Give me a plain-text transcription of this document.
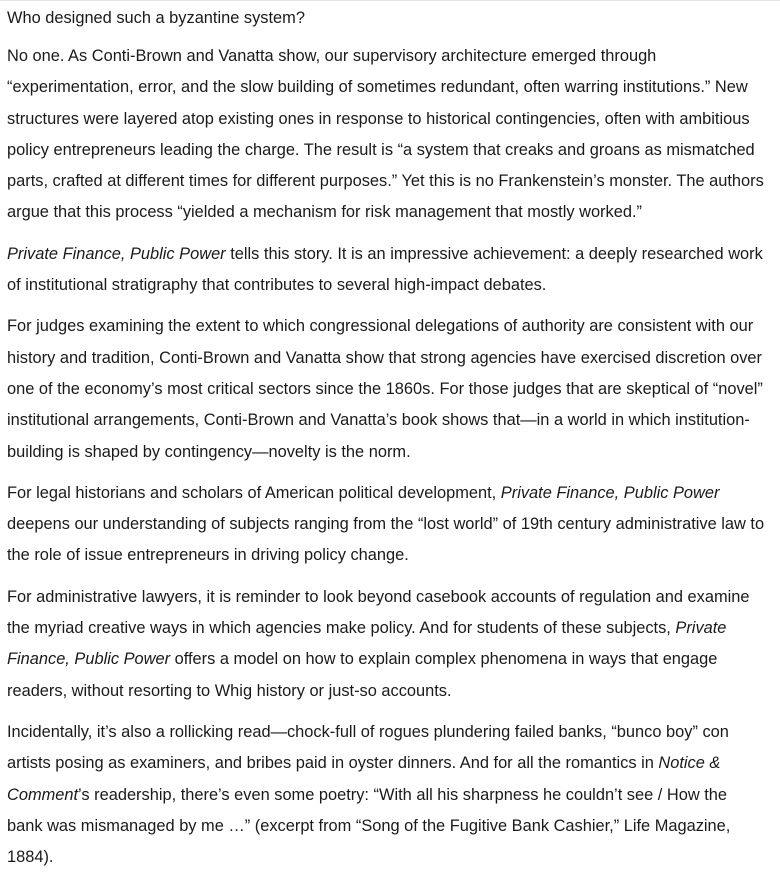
Who designed such a byzantine system?

No one. As Conti-Brown and Vanatta show, our supervisory architecture emerged through
“experimentation, error, and the slow building of sometimes redundant, often warring institutions.” New
structures were layered atop existing ones in response to historical contingencies, often with ambitious
policy entrepreneurs leading the charge. The result is “a system that creaks and groans as mismatched
parts, crafted at different times for different purposes.” Yet this is no Frankenstein’s monster. The authors
argue that this process “yielded a mechanism for risk management that mostly worked.”

Private Finance, Public Power tells this story. It is an impressive achievement: a deeply researched work
of institutional stratigraphy that contributes to several high-impact debates.

For judges examining the extent to which congressional delegations of authority are consistent with our
history and tradition, Conti-Brown and Vanatta show that strong agencies have exercised discretion over
one of the economy’s most critical sectors since the 1860s. For those judges that are skeptical of “novel”
institutional arrangements, Conti-Brown and Vanatta’s book shows that—in a world in which institution-
building is shaped by contingency—novelty is the norm.

For legal historians and scholars of American political development, Private Finance, Public Power
deepens our understanding of subjects ranging from the “lost world” of 19th century administrative law to
the role of issue entrepreneurs in driving policy change.

For administrative lawyers, it is reminder to look beyond casebook accounts of regulation and examine
the myriad creative ways in which agencies make policy. And for students of these subjects, Private
Finance, Public Power offers a model on how to explain complex phenomena in ways that engage
readers, without resorting to Whig history or just-so accounts.

Incidentally, it’s also a rollicking read—chock-full of rogues plundering failed banks, “bunco boy” con
artists posing as examiners, and bribes paid in oyster dinners. And for all the romantics in Notice &
Comment’s readership, there’s even some poetry: “With all his sharpness he couldn’t see / How the
bank was mismanaged by me …” (excerpt from “Song of the Fugitive Bank Cashier,” Life Magazine,
1884).
